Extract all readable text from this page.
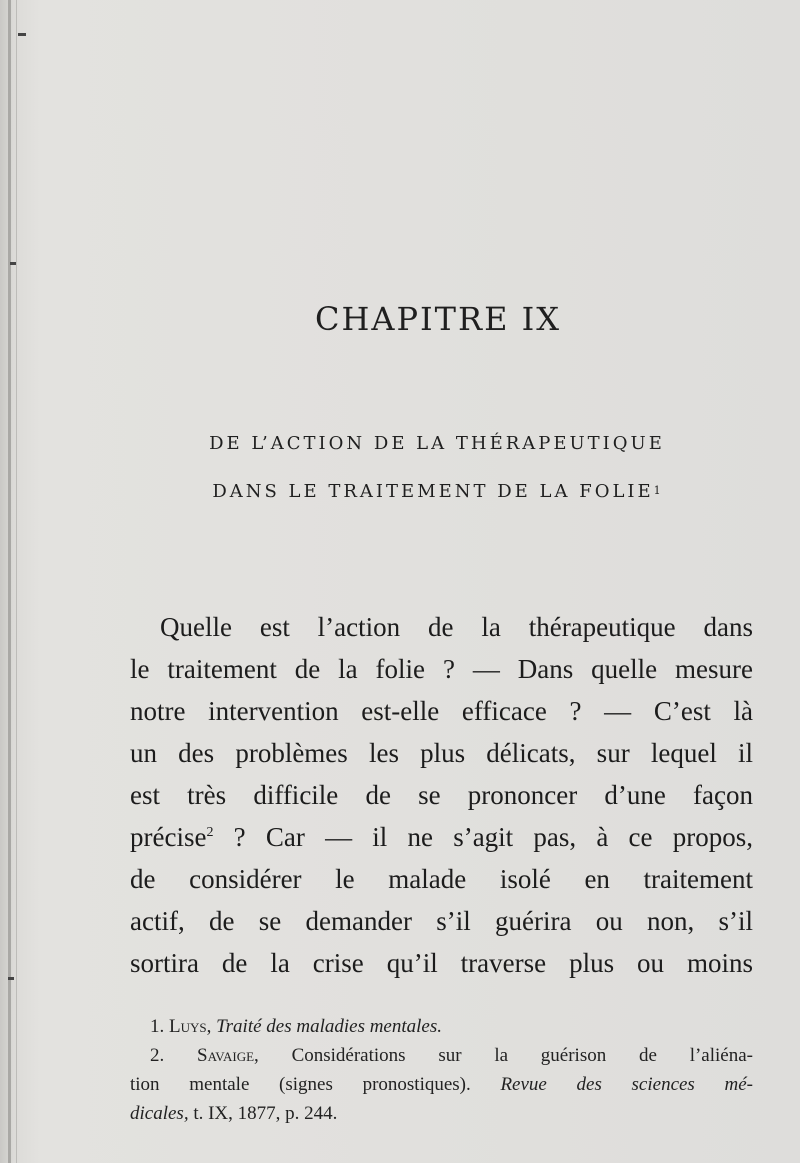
CHAPITRE IX
DE L’ACTION DE LA THÉRAPEUTIQUE
DANS LE TRAITEMENT DE LA FOLIE$^1$
Quelle est l’action de la thérapeutique dans
le traitement de la folie ? — Dans quelle mesure
notre intervention est-elle efficace ? — C’est là
un des problèmes les plus délicats, sur lequel il
est très difficile de se prononcer d’une façon
précise$^2$ ? Car — il ne s’agit pas, à ce propos,
de considérer le malade isolé en traitement
actif, de se demander s’il guérira ou non, s’il
sortira de la crise qu’il traverse plus ou moins
1. Luys, Traité des maladies mentales.
2. Savaige, Considérations sur la guérison de l’aliéna-
tion mentale (signes pronostiques). Revue des sciences mé-
dicales, t. IX, 1877, p. 244.
